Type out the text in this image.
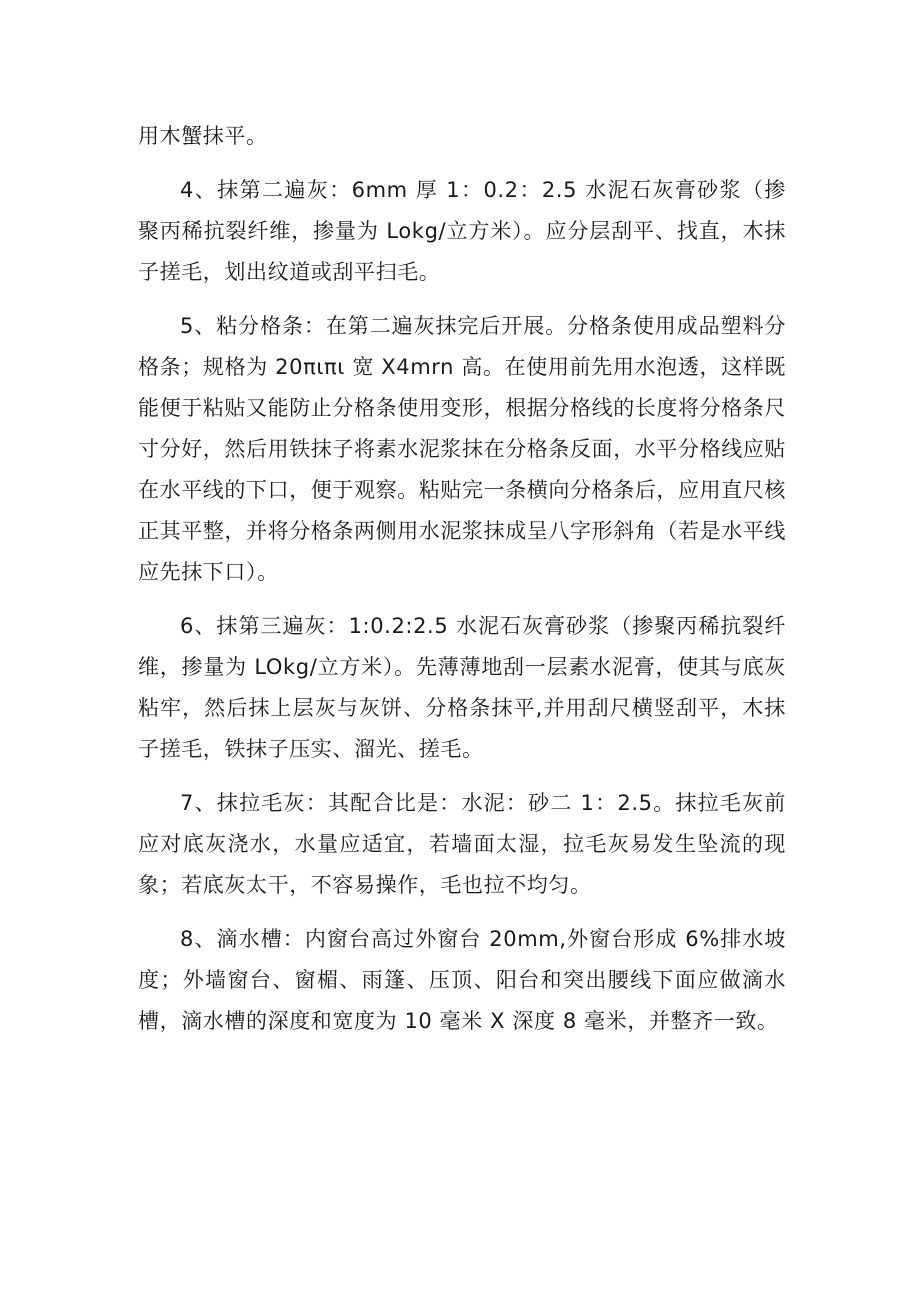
用木蟹抹平。

4、抹第二遍灰：6mm 厚 1：0.2：2.5 水泥石灰膏砂浆（掺聚丙稀抗裂纤维，掺量为 Lokg/立方米）。应分层刮平、找直，木抹子搓毛，划出纹道或刮平扫毛。

5、粘分格条：在第二遍灰抹完后开展。分格条使用成品塑料分格条；规格为 20πιπι 宽 X4mrn 高。在使用前先用水泡透，这样既能便于粘贴又能防止分格条使用变形，根据分格线的长度将分格条尺寸分好，然后用铁抹子将素水泥浆抹在分格条反面，水平分格线应贴在水平线的下口，便于观察。粘贴完一条横向分格条后，应用直尺核正其平整，并将分格条两侧用水泥浆抹成呈八字形斜角（若是水平线应先抹下口）。

6、抹第三遍灰：1:0.2:2.5 水泥石灰膏砂浆（掺聚丙稀抗裂纤维，掺量为 LOkg/立方米）。先薄薄地刮一层素水泥膏，使其与底灰粘牢，然后抹上层灰与灰饼、分格条抹平,并用刮尺横竖刮平，木抹子搓毛，铁抹子压实、溜光、搓毛。

7、抹拉毛灰：其配合比是：水泥：砂二 1：2.5。抹拉毛灰前应对底灰浇水，水量应适宜，若墙面太湿，拉毛灰易发生坠流的现象；若底灰太干，不容易操作，毛也拉不均匀。

8、滴水槽：内窗台高过外窗台 20mm,外窗台形成 6%排水坡度；外墙窗台、窗楣、雨篷、压顶、阳台和突出腰线下面应做滴水槽，滴水槽的深度和宽度为 10 毫米 X 深度 8 毫米，并整齐一致。
